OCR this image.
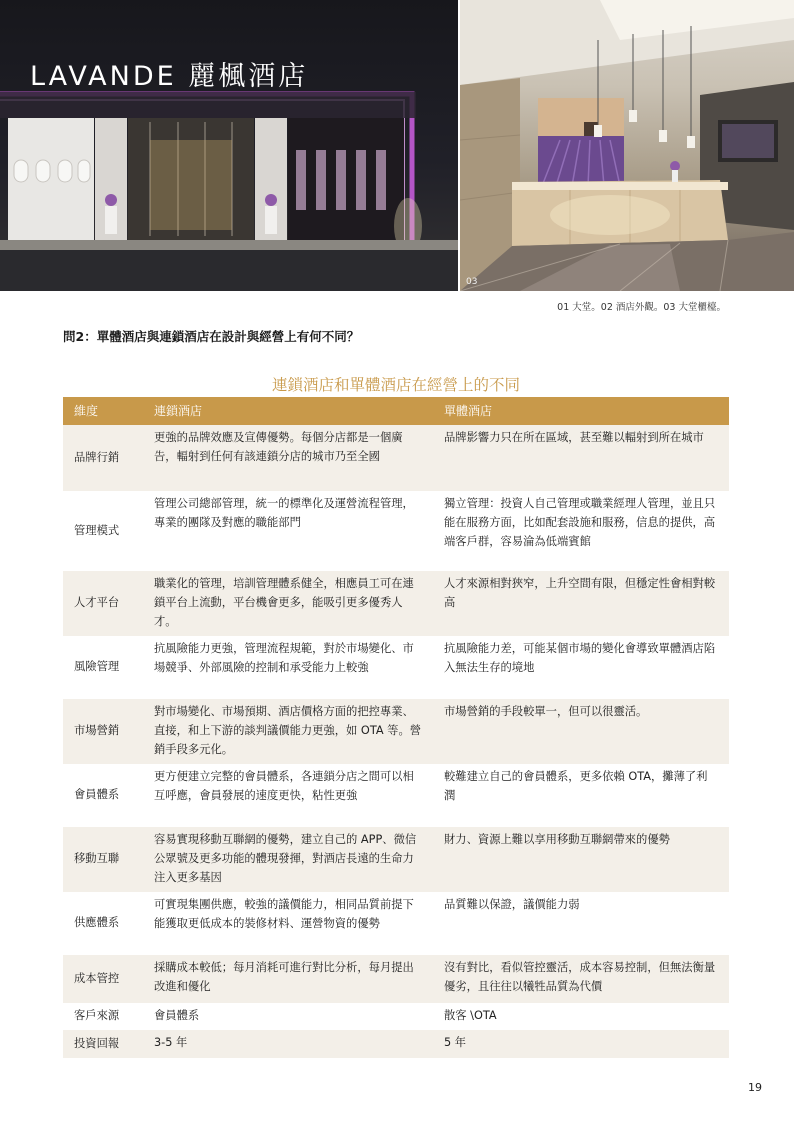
LAVANDE 麗楓酒店
03
01 大堂。02 酒店外觀。03 大堂櫃檯。
問2：單體酒店與連鎖酒店在設計與經營上有何不同？
連鎖酒店和單體酒店在經營上的不同
維度	連鎖酒店	單體酒店
品牌行銷	更強的品牌效應及宣傳優勢。每個分店都是一個廣告，輻射到任何有該連鎖分店的城市乃至全國	品牌影響力只在所在區域，甚至難以輻射到所在城市
管理模式	管理公司總部管理，統一的標準化及運營流程管理，專業的團隊及對應的職能部門	獨立管理：投資人自己管理或職業經理人管理，並且只能在服務方面，比如配套設施和服務，信息的提供，高端客戶群，容易淪為低端賓館
人才平台	職業化的管理，培訓管理體系健全，相應員工可在連鎖平台上流動，平台機會更多，能吸引更多優秀人才。	人才來源相對狹窄，上升空間有限，但穩定性會相對較高
風險管理	抗風險能力更強，管理流程規範，對於市場變化、市場競爭、外部風險的控制和承受能力上較強	抗風險能力差，可能某個市場的變化會導致單體酒店陷入無法生存的境地
市場營銷	對市場變化、市場預期、酒店價格方面的把控專業、直接，和上下游的談判議價能力更強，如 OTA 等。營銷手段多元化。	市場營銷的手段較單一，但可以很靈活。
會員體系	更方便建立完整的會員體系，各連鎖分店之間可以相互呼應，會員發展的速度更快，粘性更強	較難建立自己的會員體系，更多依賴 OTA，攤薄了利潤
移動互聯	容易實現移動互聯網的優勢，建立自己的 APP、微信公眾號及更多功能的體現發揮，對酒店長遠的生命力注入更多基因	財力、資源上難以享用移動互聯網帶來的優勢
供應體系	可實現集團供應，較強的議價能力，相同品質前提下能獲取更低成本的裝修材料、運營物資的優勢	品質難以保證，議價能力弱
成本管控	採購成本較低；每月消耗可進行對比分析，每月提出改進和優化	沒有對比，看似管控靈活，成本容易控制，但無法衡量優劣，且往往以犧牲品質為代價
客戶來源	會員體系	散客 \OTA
投資回報	3-5 年	5 年
19
